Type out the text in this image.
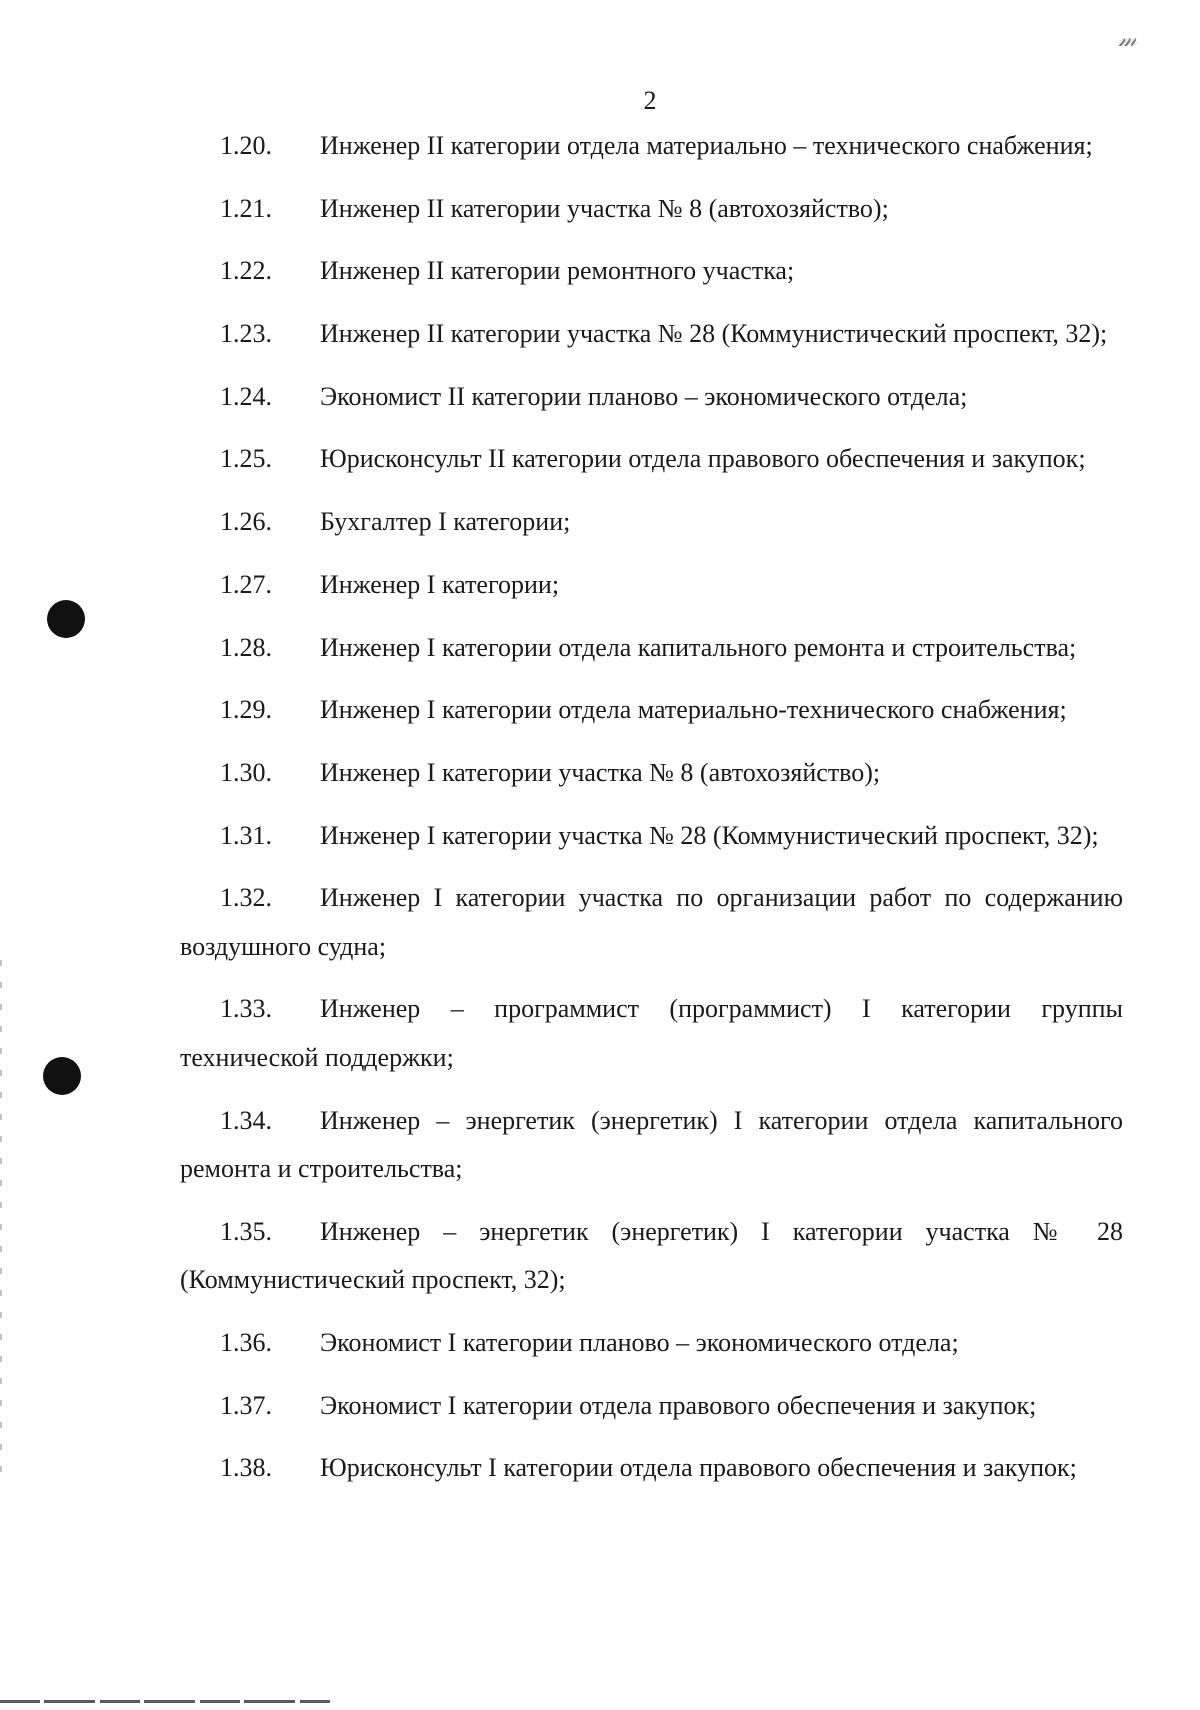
𝓂
2
1.20. Инженер II категории отдела материально – технического снабжения;
1.21. Инженер II категории участка № 8 (автохозяйство);
1.22. Инженер II категории ремонтного участка;
1.23. Инженер II категории участка № 28 (Коммунистический проспект, 32);
1.24. Экономист II категории планово – экономического отдела;
1.25. Юрисконсульт II категории отдела правового обеспечения и закупок;
1.26. Бухгалтер I категории;
1.27. Инженер I категории;
1.28. Инженер I категории отдела капитального ремонта и строительства;
1.29. Инженер I категории отдела материально-технического снабжения;
1.30. Инженер I категории участка № 8 (автохозяйство);
1.31. Инженер I категории участка № 28 (Коммунистический проспект, 32);
1.32. Инженер I категории участка по организации работ по содержанию воздушного судна;
1.33. Инженер – программист (программист) I категории группы технической поддержки;
1.34. Инженер – энергетик (энергетик) I категории отдела капитального ремонта и строительства;
1.35. Инженер – энергетик (энергетик) I категории участка № 28 (Коммунистический проспект, 32);
1.36. Экономист I категории планово – экономического отдела;
1.37. Экономист I категории отдела правового обеспечения и закупок;
1.38. Юрисконсульт I категории отдела правового обеспечения и закупок;
